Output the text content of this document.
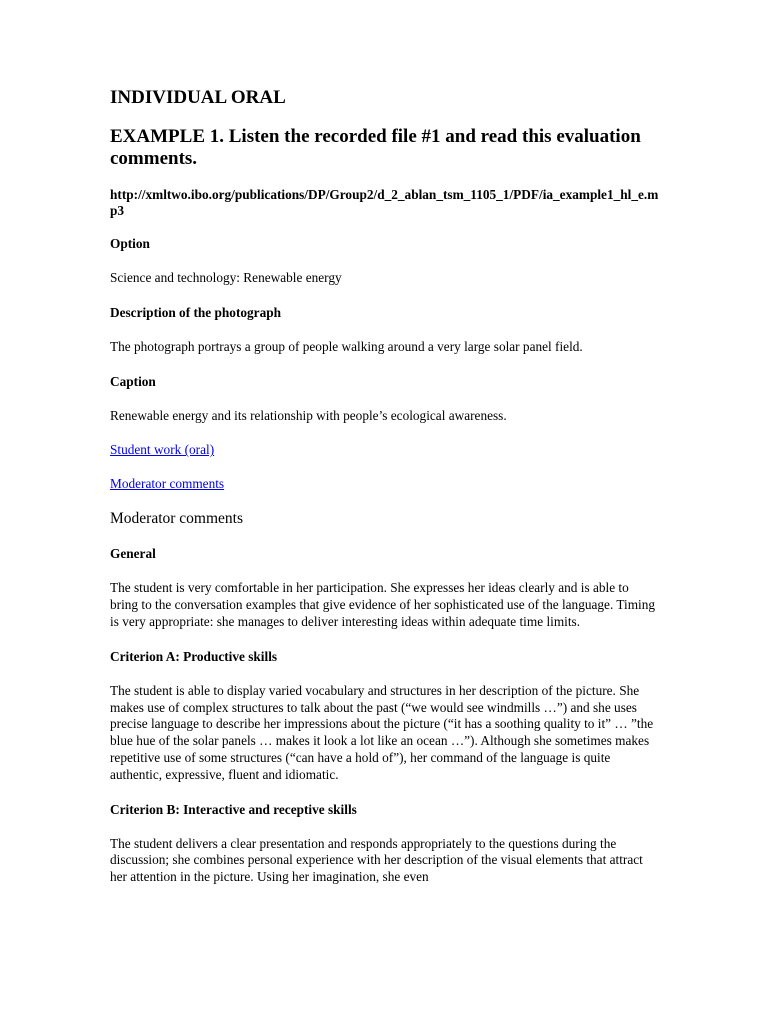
INDIVIDUAL ORAL
EXAMPLE 1. Listen the recorded file #1 and read this evaluation comments.
http://xmltwo.ibo.org/publications/DP/Group2/d_2_ablan_tsm_1105_1/PDF/ia_example1_hl_e.mp3
Option
Science and technology: Renewable energy
Description of the photograph
The photograph portrays a group of people walking around a very large solar panel field.
Caption
Renewable energy and its relationship with people’s ecological awareness.
Student work (oral)
Moderator comments
Moderator comments
General
The student is very comfortable in her participation. She expresses her ideas clearly and is able to bring to the conversation examples that give evidence of her sophisticated use of the language. Timing is very appropriate: she manages to deliver interesting ideas within adequate time limits.
Criterion A: Productive skills
The student is able to display varied vocabulary and structures in her description of the picture. She makes use of complex structures to talk about the past (“we would see windmills …”) and she uses precise language to describe her impressions about the picture (“it has a soothing quality to it” … ”the blue hue of the solar panels … makes it look a lot like an ocean …”). Although she sometimes makes repetitive use of some structures (“can have a hold of”), her command of the language is quite authentic, expressive, fluent and idiomatic.
Criterion B: Interactive and receptive skills
The student delivers a clear presentation and responds appropriately to the questions during the discussion; she combines personal experience with her description of the visual elements that attract her attention in the picture. Using her imagination, she even
